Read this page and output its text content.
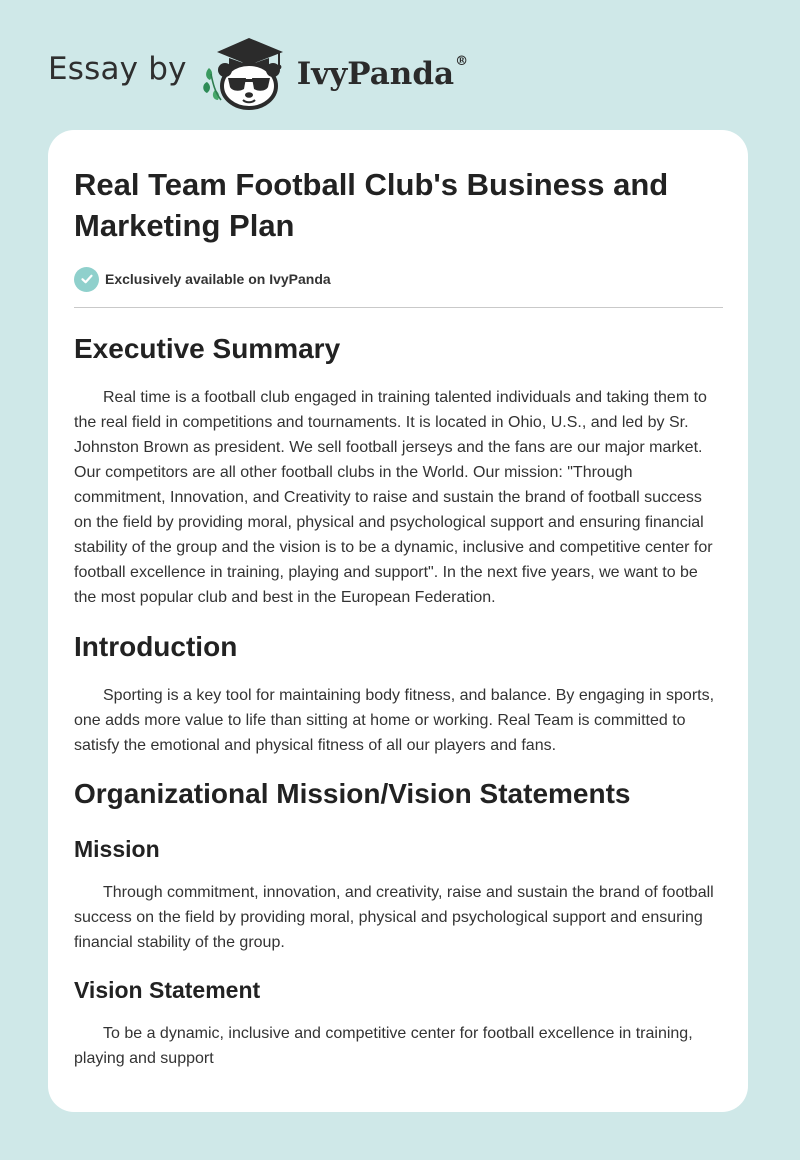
Essay by	IvyPanda®
Real Team Football Club's Business and Marketing Plan
Exclusively available on IvyPanda
Executive Summary

Real time is a football club engaged in training talented individuals and taking them to the real field in competitions and tournaments. It is located in Ohio, U.S., and led by Sr. Johnston Brown as president. We sell football jerseys and the fans are our major market. Our competitors are all other football clubs in the World. Our mission: "Through commitment, Innovation, and Creativity to raise and sustain the brand of football success on the field by providing moral, physical and psychological support and ensuring financial stability of the group and the vision is to be a dynamic, inclusive and competitive center for football excellence in training, playing and support". In the next five years, we want to be the most popular club and best in the European Federation.

Introduction

Sporting is a key tool for maintaining body fitness, and balance. By engaging in sports, one adds more value to life than sitting at home or working. Real Team is committed to satisfy the emotional and physical fitness of all our players and fans.

Organizational Mission/Vision Statements
Mission

Through commitment, innovation, and creativity, raise and sustain the brand of football success on the field by providing moral, physical and psychological support and ensuring financial stability of the group.

Vision Statement

To be a dynamic, inclusive and competitive center for football excellence in training, playing and support
